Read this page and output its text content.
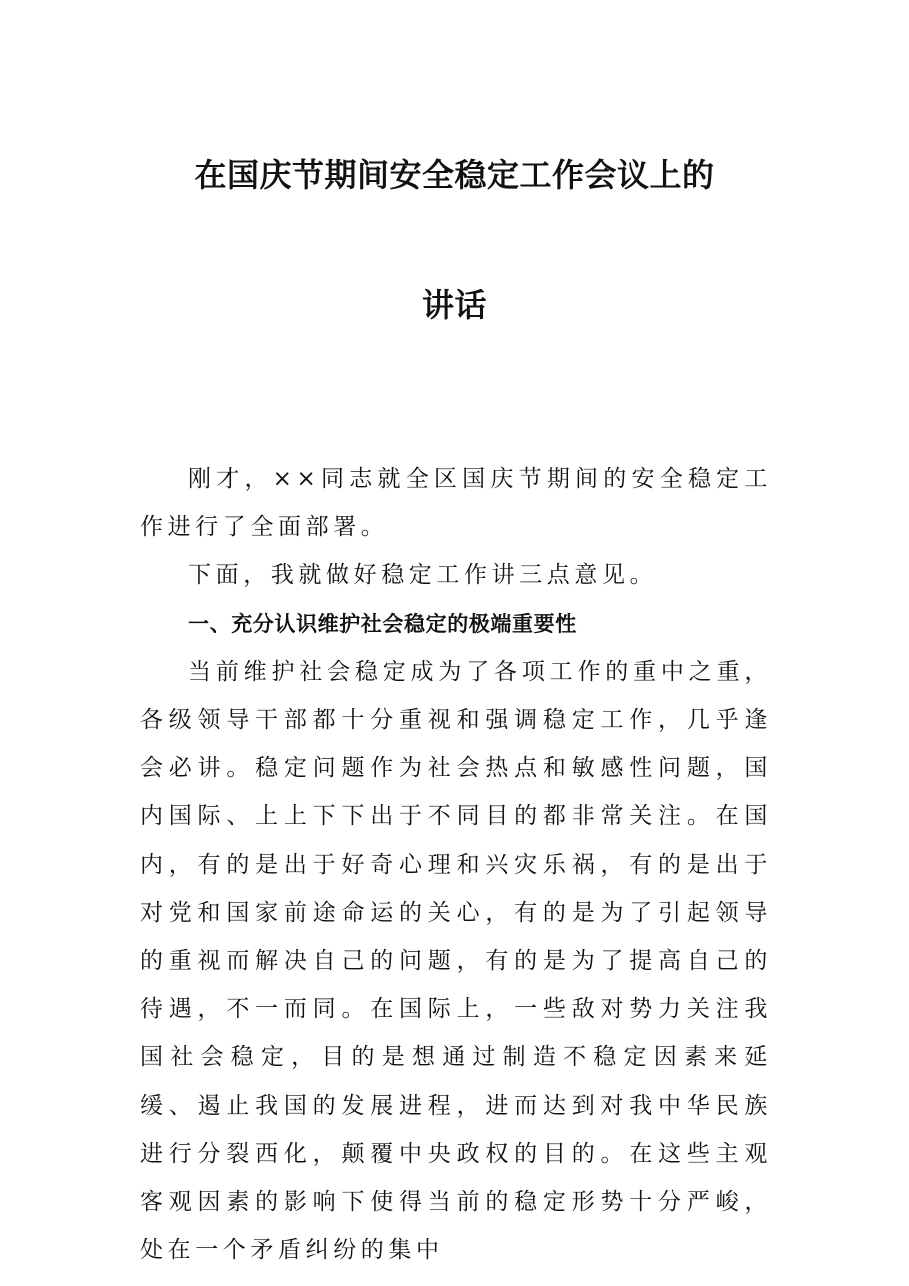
在国庆节期间安全稳定工作会议上的
讲话

刚才，××同志就全区国庆节期间的安全稳定工作进行了全面部署。

下面，我就做好稳定工作讲三点意见。

一、充分认识维护社会稳定的极端重要性

当前维护社会稳定成为了各项工作的重中之重，各级领导干部都十分重视和强调稳定工作，几乎逢会必讲。稳定问题作为社会热点和敏感性问题，国内国际、上上下下出于不同目的都非常关注。在国内，有的是出于好奇心理和兴灾乐祸，有的是出于对党和国家前途命运的关心，有的是为了引起领导的重视而解决自己的问题，有的是为了提高自己的待遇，不一而同。在国际上，一些敌对势力关注我国社会稳定，目的是想通过制造不稳定因素来延缓、遏止我国的发展进程，进而达到对我中华民族进行分裂西化，颠覆中央政权的目的。在这些主观客观因素的影响下使得当前的稳定形势十分严峻，处在一个矛盾纠纷的集中
